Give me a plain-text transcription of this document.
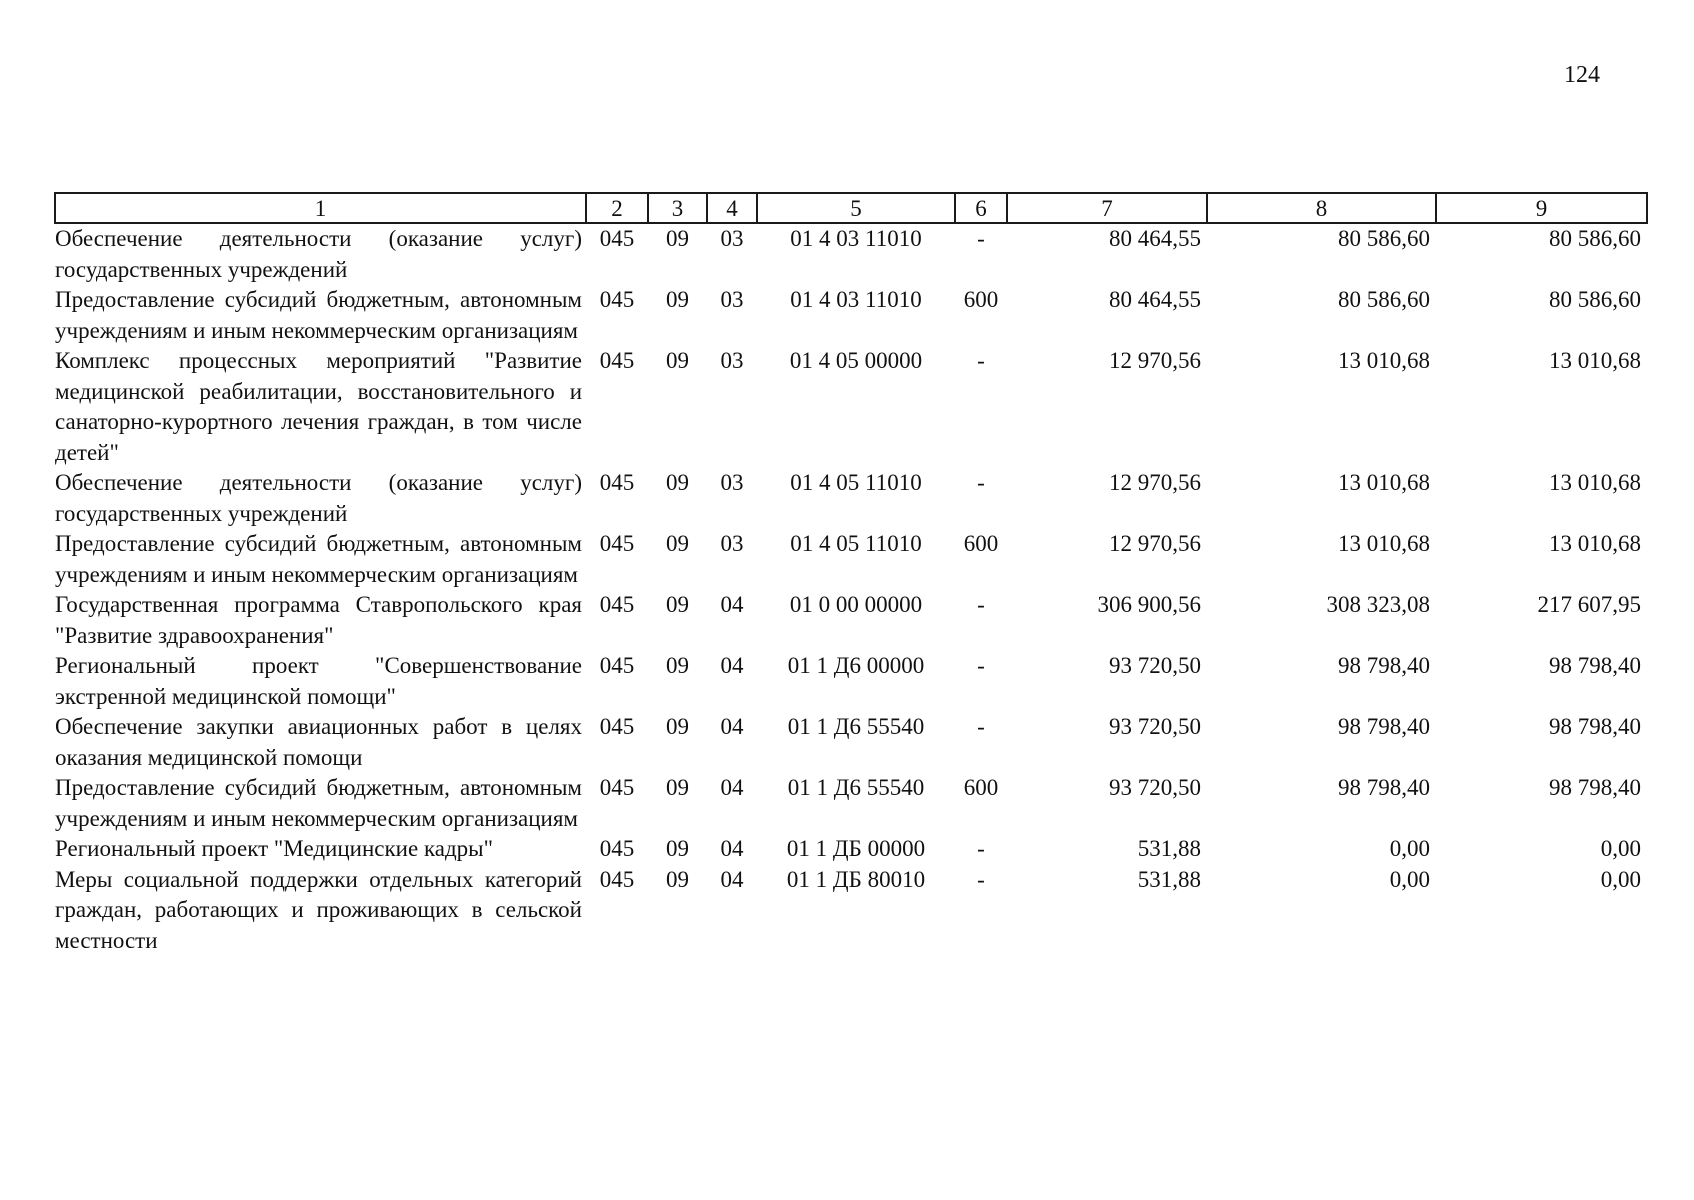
124
1	2	3	4	5	6	7	8	9
Обеспечение деятельности (оказание услуг) государственных учреждений	045	09	03	01 4 03 11010	-	80 464,55	80 586,60	80 586,60
Предоставление субсидий бюджетным, автономным учреждениям и иным некоммерческим организациям	045	09	03	01 4 03 11010	600	80 464,55	80 586,60	80 586,60
Комплекс процессных мероприятий "Развитие медицинской реабилитации, восстановительного и санаторно-курортного лечения граждан, в том числе детей"	045	09	03	01 4 05 00000	-	12 970,56	13 010,68	13 010,68
Обеспечение деятельности (оказание услуг) государственных учреждений	045	09	03	01 4 05 11010	-	12 970,56	13 010,68	13 010,68
Предоставление субсидий бюджетным, автономным учреждениям и иным некоммерческим организациям	045	09	03	01 4 05 11010	600	12 970,56	13 010,68	13 010,68
Государственная программа Ставропольского края "Развитие здравоохранения"	045	09	04	01 0 00 00000	-	306 900,56	308 323,08	217 607,95
Региональный проект "Совершенствование экстренной медицинской помощи"	045	09	04	01 1 Д6 00000	-	93 720,50	98 798,40	98 798,40
Обеспечение закупки авиационных работ в целях оказания медицинской помощи	045	09	04	01 1 Д6 55540	-	93 720,50	98 798,40	98 798,40
Предоставление субсидий бюджетным, автономным учреждениям и иным некоммерческим организациям	045	09	04	01 1 Д6 55540	600	93 720,50	98 798,40	98 798,40
Региональный проект "Медицинские кадры"	045	09	04	01 1 ДБ 00000	-	531,88	0,00	0,00
Меры социальной поддержки отдельных категорий граждан, работающих и проживающих в сельской местности	045	09	04	01 1 ДБ 80010	-	531,88	0,00	0,00
